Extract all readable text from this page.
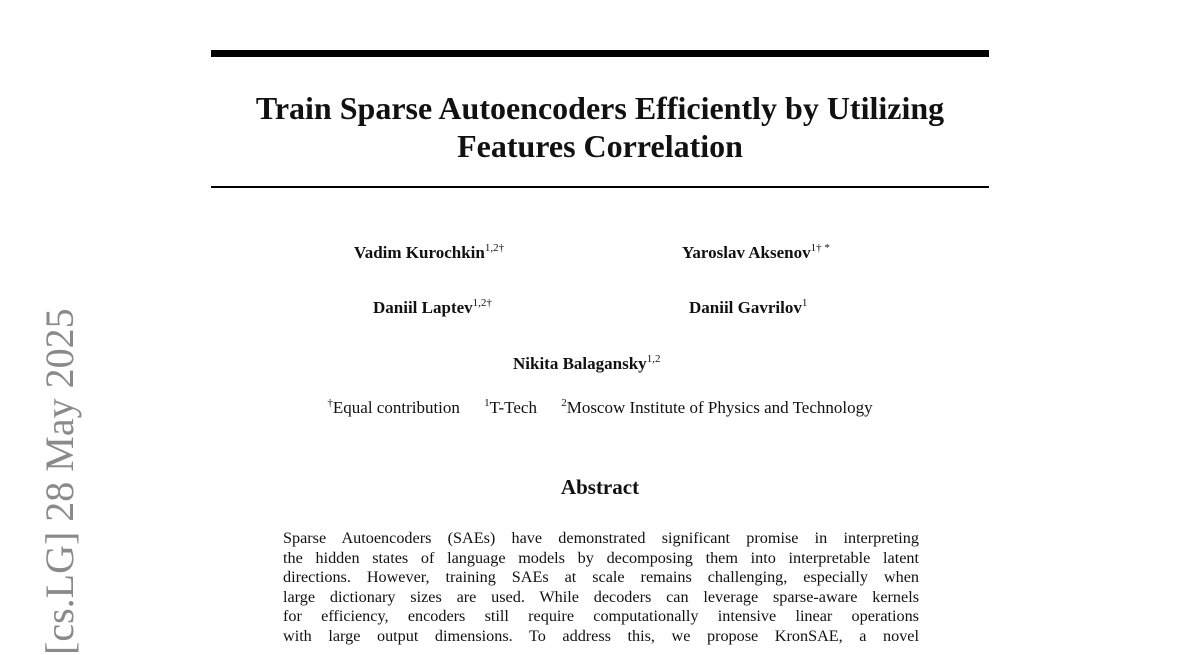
Train Sparse Autoencoders Efficiently by Utilizing Features Correlation
Vadim Kurochkin$^{1,2\dagger}$	Yaroslav Aksenov$^{1\dagger *}$
Daniil Laptev$^{1,2\dagger}$	Daniil Gavrilov$^1$
Nikita Balagansky$^{1,2}$
†Equal contribution $^1$T-Tech $^2$Moscow Institute of Physics and Technology
Abstract
Sparse Autoencoders (SAEs) have demonstrated significant promise in interpreting
the hidden states of language models by decomposing them into interpretable latent
directions. However, training SAEs at scale remains challenging, especially when
large dictionary sizes are used. While decoders can leverage sparse-aware kernels
for efficiency, encoders still require computationally intensive linear operations
with large output dimensions. To address this, we propose KronSAE, a novel
[cs.LG] 28 May 2025
